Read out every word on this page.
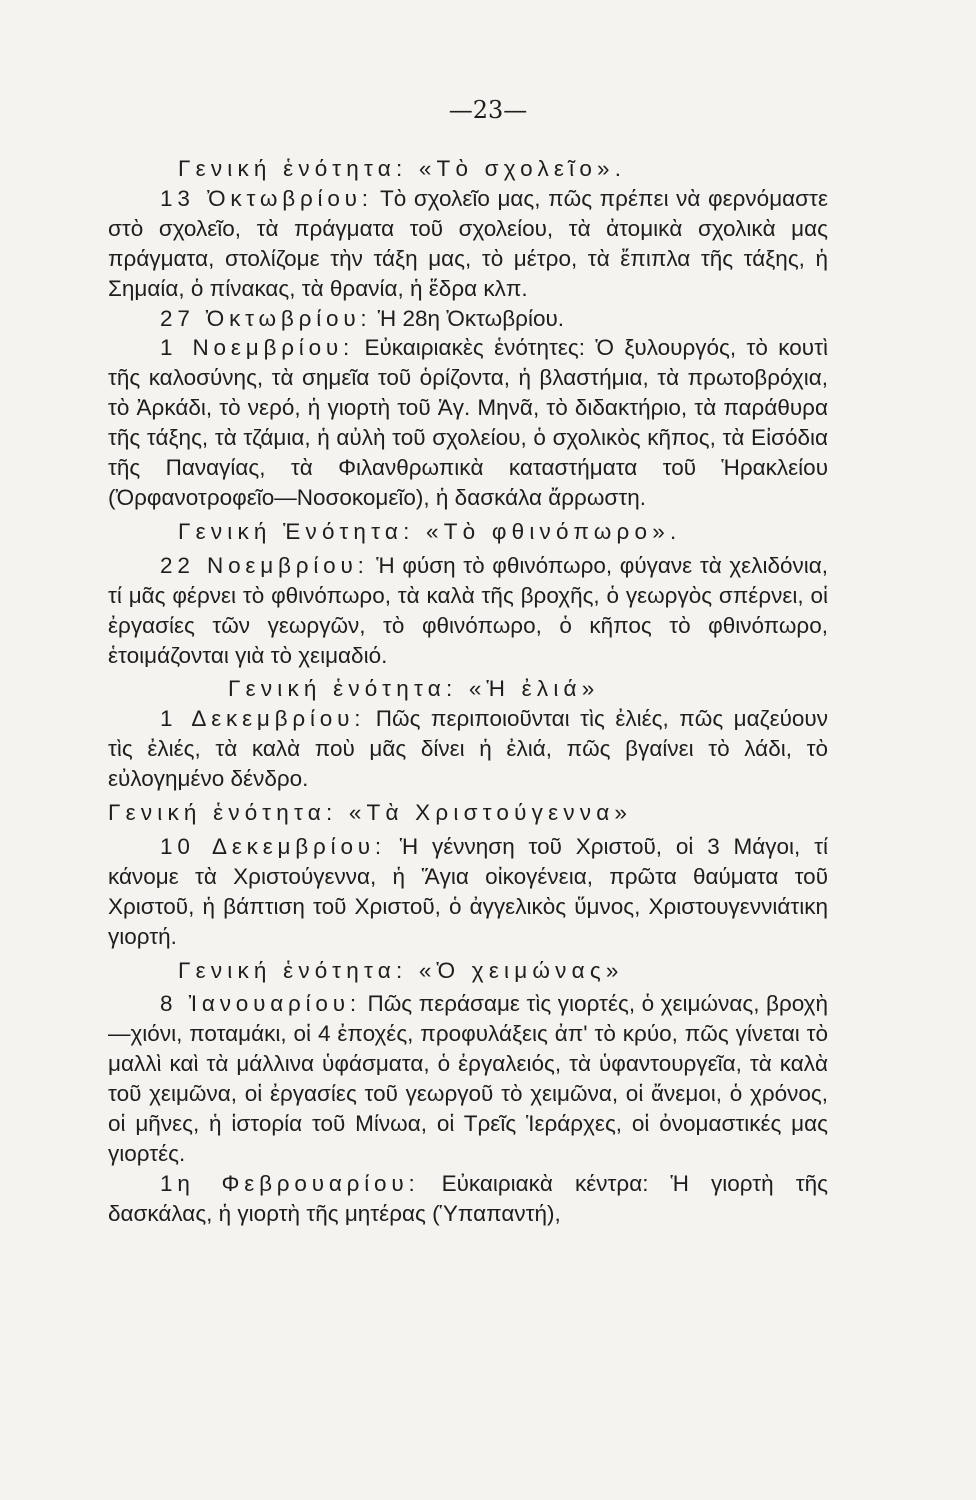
—23—

Γενική ἑνότητα: «Τὸ σχολεῖο».

13 Ὀκτωβρίου: Τὸ σχολεῖο μας, πῶς πρέπει νὰ φερνόμαστε στὸ σχολεῖο, τὰ πράγματα τοῦ σχολείου, τὰ ἀτομικὰ σχολικὰ μας πράγματα, στολίζομε τὴν τάξη μας, τὸ μέτρο, τὰ ἔπιπλα τῆς τάξης, ἡ Σημαία, ὁ πίνακας, τὰ θρανία, ἡ ἕδρα κλπ.

27 Ὀκτωβρίου: Ἡ 28η Ὀκτωβρίου.

1 Νοεμβρίου: Εὐκαιριακὲς ἑνότητες: Ὁ ξυλουργός, τὸ κουτὶ τῆς καλοσύνης, τὰ σημεῖα τοῦ ὁρίζοντα, ἡ βλαστήμια, τὰ πρωτοβρόχια, τὸ Ἀρκάδι, τὸ νερό, ἡ γιορτὴ τοῦ Ἁγ. Μηνᾶ, τὸ διδακτήριο, τὰ παράθυρα τῆς τάξης, τὰ τζάμια, ἡ αὐλὴ τοῦ σχολείου, ὁ σχολικὸς κῆπος, τὰ Εἰσόδια τῆς Παναγίας, τὰ Φιλανθρωπικὰ καταστήματα τοῦ Ἡρακλείου (Ὀρφανοτροφεῖο—Νοσοκομεῖο), ἡ δασκάλα ἄρρωστη.

Γενική Ἑνότητα: «Τὸ φθινόπωρο».

22 Νοεμβρίου: Ἡ φύση τὸ φθινόπωρο, φύγανε τὰ χελιδόνια, τί μᾶς φέρνει τὸ φθινόπωρο, τὰ καλὰ τῆς βροχῆς, ὁ γεωργὸς σπέρνει, οἱ ἐργασίες τῶν γεωργῶν, τὸ φθινόπωρο, ὁ κῆπος τὸ φθινόπωρο, ἑτοιμάζονται γιὰ τὸ χειμαδιό.

Γενική ἑνότητα: «Ἡ ἐλιά»

1 Δεκεμβρίου: Πῶς περιποιοῦνται τὶς ἐλιές, πῶς μαζεύουν τὶς ἐλιές, τὰ καλὰ ποὺ μᾶς δίνει ἡ ἐλιά, πῶς βγαίνει τὸ λάδι, τὸ εὐλογημένο δένδρο.

Γενική ἑνότητα: «Τὰ Χριστούγεννα»

10 Δεκεμβρίου: Ἡ γέννηση τοῦ Χριστοῦ, οἱ 3 Μάγοι, τί κάνομε τὰ Χριστούγεννα, ἡ Ἅγια οἰκογένεια, πρῶτα θαύματα τοῦ Χριστοῦ, ἡ βάπτιση τοῦ Χριστοῦ, ὁ ἀγγελικὸς ὕμνος, Χριστουγεννιάτικη γιορτή.

Γενική ἑνότητα: «Ὁ χειμώνας»

8 Ἰανουαρίου: Πῶς περάσαμε τὶς γιορτές, ὁ χειμώνας, βροχὴ—χιόνι, ποταμάκι, οἱ 4 ἐποχές, προφυλάξεις ἀπ' τὸ κρύο, πῶς γίνεται τὸ μαλλὶ καὶ τὰ μάλλινα ὑφάσματα, ὁ ἐργαλειός, τὰ ὑφαντουργεῖα, τὰ καλὰ τοῦ χειμῶνα, οἱ ἐργασίες τοῦ γεωργοῦ τὸ χειμῶνα, οἱ ἄνεμοι, ὁ χρόνος, οἱ μῆνες, ἡ ἱστορία τοῦ Μίνωα, οἱ Τρεῖς Ἱεράρχες, οἱ ὀνομαστικές μας γιορτές.

1η Φεβρουαρίου: Εὐκαιριακὰ κέντρα: Ἡ γιορτὴ τῆς δασκάλας, ἡ γιορτὴ τῆς μητέρας (Ὑπαπαντή),
